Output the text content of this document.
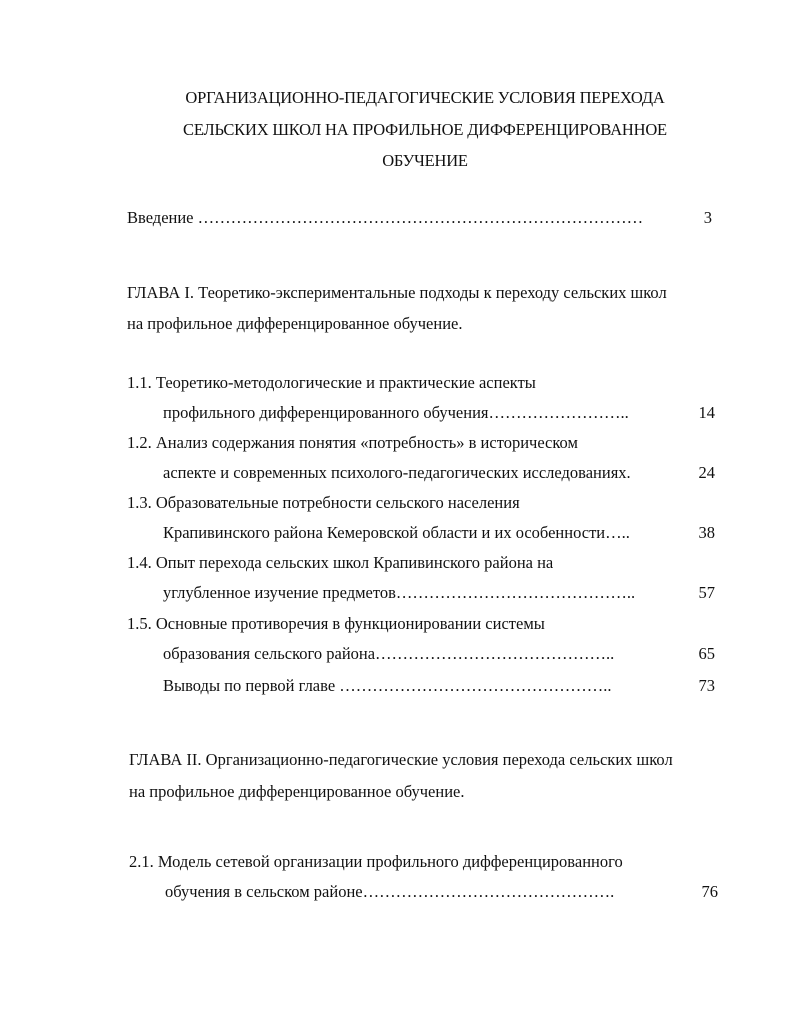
ОРГАНИЗАЦИОННО-ПЕДАГОГИЧЕСКИЕ УСЛОВИЯ ПЕРЕХОДА
СЕЛЬСКИХ ШКОЛ НА ПРОФИЛЬНОЕ ДИФФЕРЕНЦИРОВАННОЕ
ОБУЧЕНИЕ
Введение ………………………………………………………………………	3
ГЛАВА I. Теоретико-экспериментальные подходы к переходу сельских школ
на профильное дифференцированное обучение.
1.1. Теоретико-методологические и практические аспекты
профильного дифференцированного обучения……………………..	14
1.2. Анализ содержания понятия «потребность» в историческом
аспекте и современных психолого-педагогических исследованиях.	24
1.3. Образовательные потребности сельского населения
Крапивинского района Кемеровской области и их особенности…..	38
1.4. Опыт перехода сельских школ Крапивинского района на
углубленное изучение предметов……………………………………..	57
1.5. Основные противоречия в функционировании системы
образования сельского района……………………………………..	65
Выводы по первой главе …………………………………………..	73
ГЛАВА II. Организационно-педагогические условия перехода сельских школ
на профильное дифференцированное обучение.
2.1. Модель сетевой организации профильного дифференцированного
обучения в сельском районе……………………………………….	76
